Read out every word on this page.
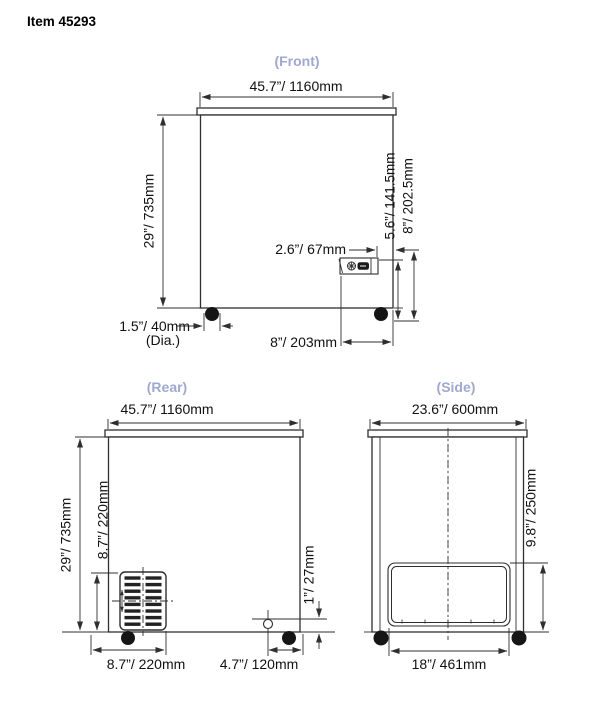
Item 45293
(Front)
45.7”/ 1160mm
29”/ 735mm
2.6”/ 67mm
5.6”/ 141.5mm 8”/ 202.5mm
1.5”/ 40mm
(Dia.)	8”/ 203mm
(Rear)
45.7”/ 1160mm
29”/ 735mm 8.7”/ 220mm
8.7”/ 220mm 4.7”/ 120mm
1”/ 27mm
(Side)
23.6”/ 600mm
9.8”/ 250mm
18”/ 461mm
